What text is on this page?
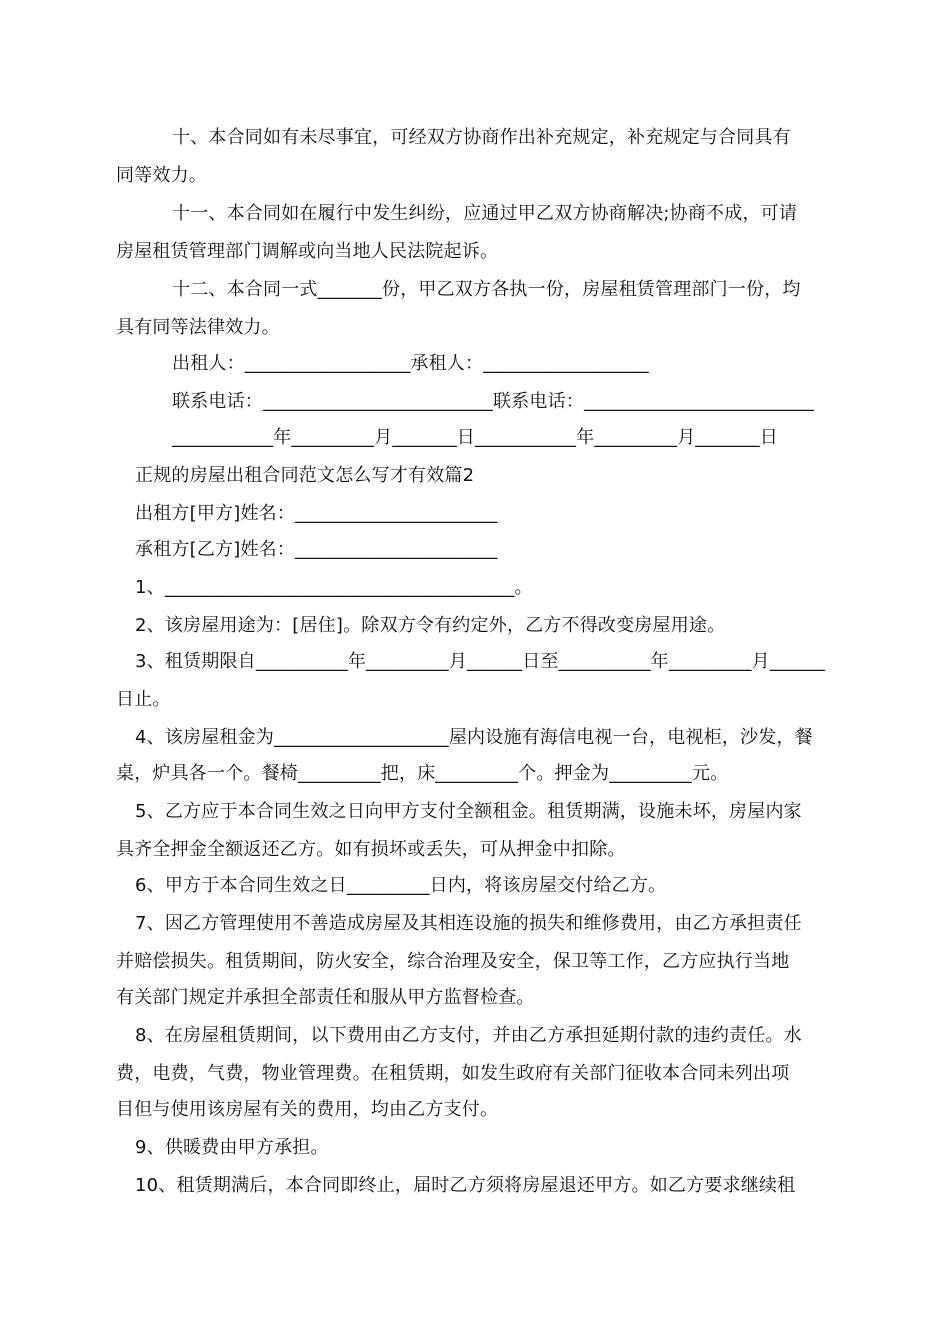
十、本合同如有未尽事宜，可经双方协商作出补充规定，补充规定与合同具有
同等效力。
十一、本合同如在履行中发生纠纷，应通过甲乙双方协商解决;协商不成，可请
房屋租赁管理部门调解或向当地人民法院起诉。
十二、本合同一式_______份，甲乙双方各执一份，房屋租赁管理部门一份，均
具有同等法律效力。
出租人：__________________承租人：__________________
联系电话：_________________________联系电话：_________________________
___________年_________月_______日___________年_________月_______日
正规的房屋出租合同范文怎么写才有效篇2
出租方[甲方]姓名：______________________
承租方[乙方]姓名：______________________
1、______________________________________。
2、该房屋用途为：[居住]。除双方令有约定外，乙方不得改变房屋用途。
3、租赁期限自__________年_________月______日至__________年_________月______
日止。
4、该房屋租金为___________________屋内设施有海信电视一台，电视柜，沙发，餐
桌，炉具各一个。餐椅_________把，床_________个。押金为_________元。
5、乙方应于本合同生效之日向甲方支付全额租金。租赁期满，设施未坏，房屋内家
具齐全押金全额返还乙方。如有损坏或丢失，可从押金中扣除。
6、甲方于本合同生效之日_________日内，将该房屋交付给乙方。
7、因乙方管理使用不善造成房屋及其相连设施的损失和维修费用，由乙方承担责任
并赔偿损失。租赁期间，防火安全，综合治理及安全，保卫等工作，乙方应执行当地
有关部门规定并承担全部责任和服从甲方监督检查。
8、在房屋租赁期间，以下费用由乙方支付，并由乙方承担延期付款的违约责任。水
费，电费，气费，物业管理费。在租赁期，如发生政府有关部门征收本合同未列出项
目但与使用该房屋有关的费用，均由乙方支付。
9、供暖费由甲方承担。
10、租赁期满后，本合同即终止，届时乙方须将房屋退还甲方。如乙方要求继续租
